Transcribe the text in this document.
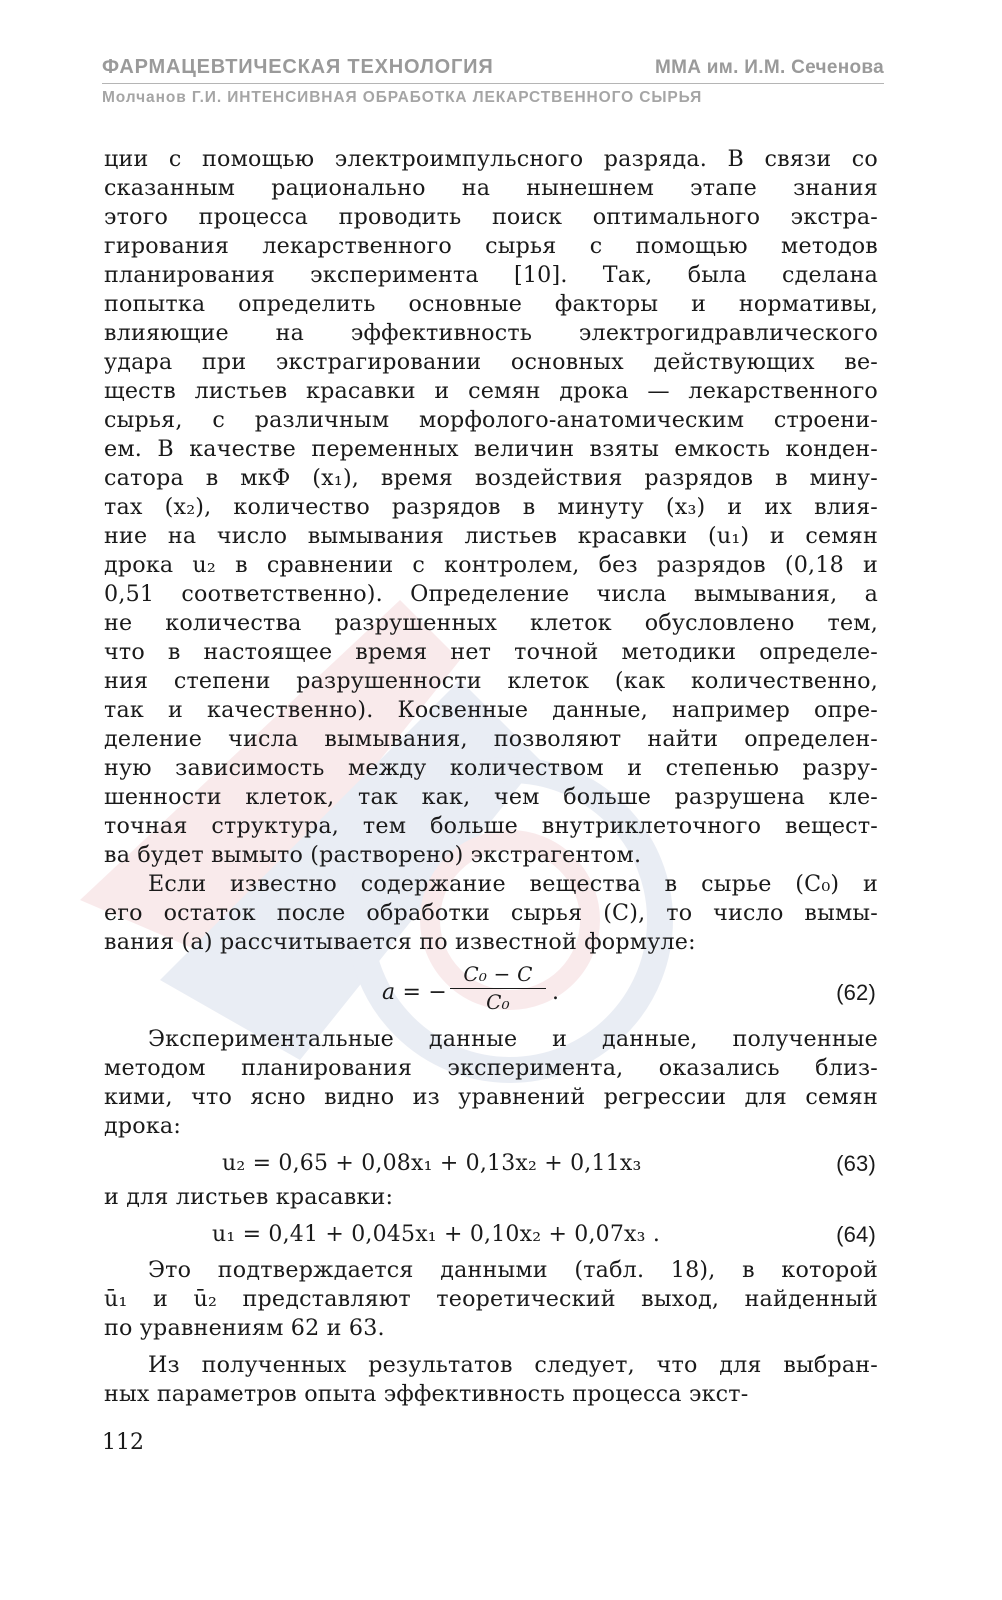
ФАРМАЦЕВТИЧЕСКАЯ ТЕХНОЛОГИЯ	ММА им. И.М. Сеченова
Молчанов Г.И. ИНТЕНСИВНАЯ ОБРАБОТКА ЛЕКАРСТВЕННОГО СЫРЬЯ
ции с помощью электроимпульсного разряда. В связи со
сказанным рационально на нынешнем этапе знания
этого процесса проводить поиск оптимального экстра-
гирования лекарственного сырья с помощью методов
планирования эксперимента [10]. Так, была сделана
попытка определить основные факторы и нормативы,
влияющие на эффективность электрогидравлического
удара при экстрагировании основных действующих ве-
ществ листьев красавки и семян дрока — лекарственного
сырья, с различным морфолого-анатомическим строени-
ем. В качестве переменных величин взяты емкость конден-
сатора в мкФ (x₁), время воздействия разрядов в мину-
тах (x₂), количество разрядов в минуту (x₃) и их влия-
ние на число вымывания листьев красавки (u₁) и семян
дрока u₂ в сравнении с контролем, без разрядов (0,18 и
0,51 соответственно). Определение числа вымывания, а
не количества разрушенных клеток обусловлено тем,
что в настоящее время нет точной методики определе-
ния степени разрушенности клеток (как количественно,
так и качественно). Косвенные данные, например опре-
деление числа вымывания, позволяют найти определен-
ную зависимость между количеством и степенью разру-
шенности клеток, так как, чем больше разрушена кле-
точная структура, тем больше внутриклеточного вещест-
ва будет вымыто (растворено) экстрагентом.
Если известно содержание вещества в сырье (C₀) и
его остаток после обработки сырья (C), то число вымы-
вания (a) рассчитывается по известной формуле:
a = − $\frac{\text{C₀ − C}}{\text{C₀}}$ .	(62)
Экспериментальные данные и данные, полученные
методом планирования эксперимента, оказались близ-
кими, что ясно видно из уравнений регрессии для семян
дрока:
u₂ = 0,65 + 0,08x₁ + 0,13x₂ + 0,11x₃	(63)
и для листьев красавки:
u₁ = 0,41 + 0,045x₁ + 0,10x₂ + 0,07x₃ .	(64)
Это подтверждается данными (табл. 18), в которой
ū₁ и ū₂ представляют теоретический выход, найденный
по уравнениям 62 и 63.
Из полученных результатов следует, что для выбран-
ных параметров опыта эффективность процесса экст-
112
